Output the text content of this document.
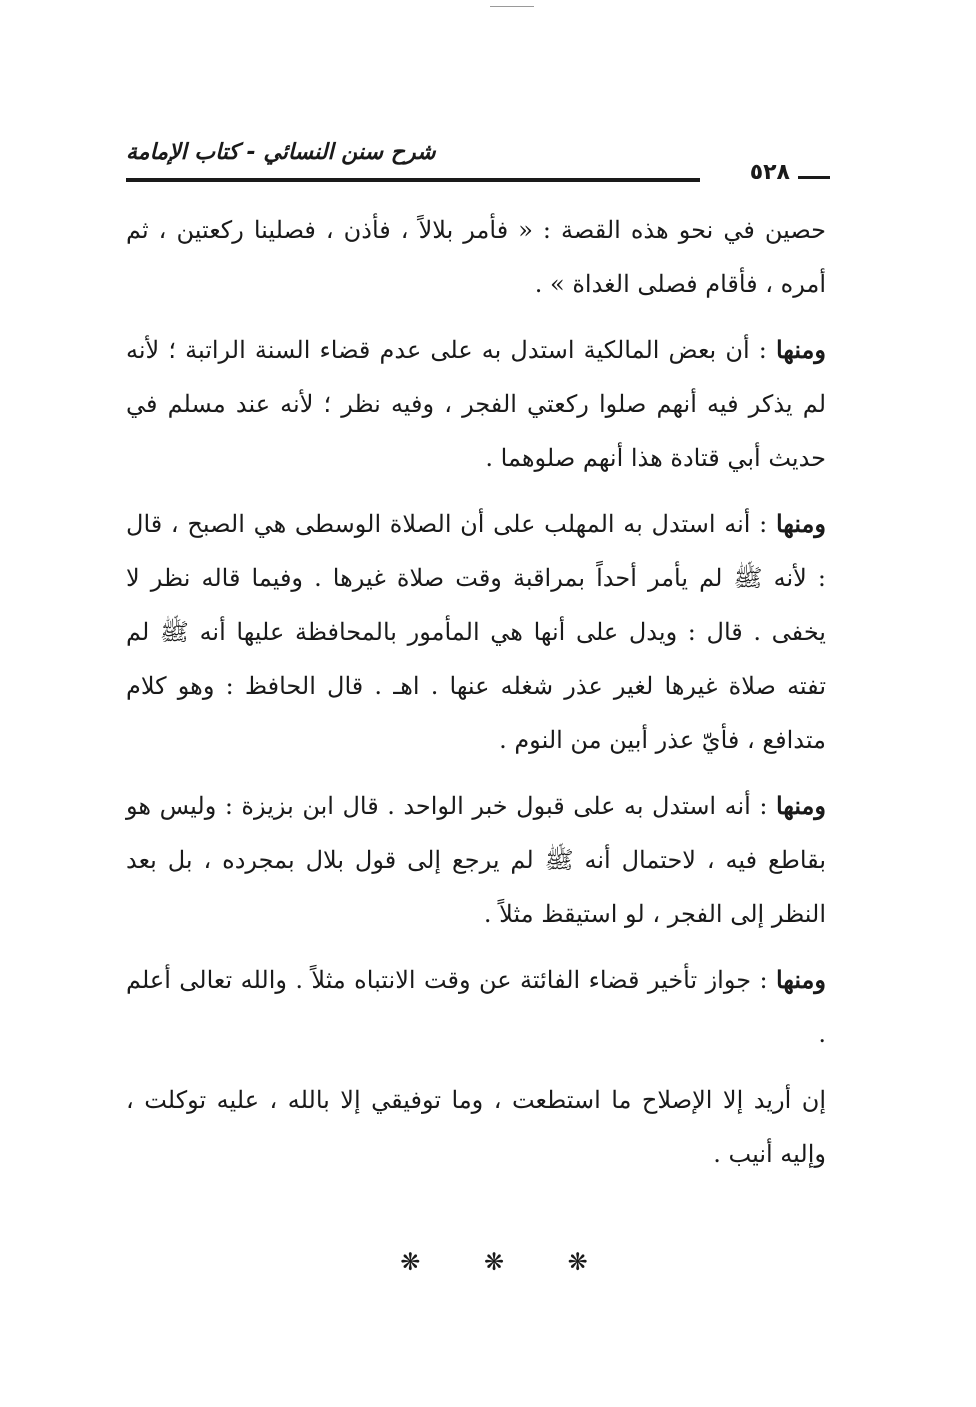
شرح سنن النسائي - كتاب الإمامة
٥٢٨

حصين في نحو هذه القصة : « فأمر بلالاً ، فأذن ، فصلينا ركعتين ، ثم أمره ، فأقام فصلى الغداة » .

ومنها : أن بعض المالكية استدل به على عدم قضاء السنة الراتبة ؛ لأنه لم يذكر فيه أنهم صلوا ركعتي الفجر ، وفيه نظر ؛ لأنه عند مسلم في حديث أبي قتادة هذا أنهم صلوهما .

ومنها : أنه استدل به المهلب على أن الصلاة الوسطى هي الصبح ، قال : لأنه ﷺ لم يأمر أحداً بمراقبة وقت صلاة غيرها . وفيما قاله نظر لا يخفى . قال : ويدل على أنها هي المأمور بالمحافظة عليها أنه ﷺ لم تفته صلاة غيرها لغير عذر شغله عنها . اهـ . قال الحافظ : وهو كلام متدافع ، فأيّ عذر أبين من النوم .

ومنها : أنه استدل به على قبول خبر الواحد . قال ابن بزيزة : وليس هو بقاطع فيه ، لاحتمال أنه ﷺ لم يرجع إلى قول بلال بمجرده ، بل بعد النظر إلى الفجر ، لو استيقظ مثلاً .

ومنها : جواز تأخير قضاء الفائتة عن وقت الانتباه مثلاً . والله تعالى أعلم .

إن أريد إلا الإصلاح ما استطعت ، وما توفيقي إلا بالله ، عليه توكلت ، وإليه أنيب .

❋ ❋ ❋
